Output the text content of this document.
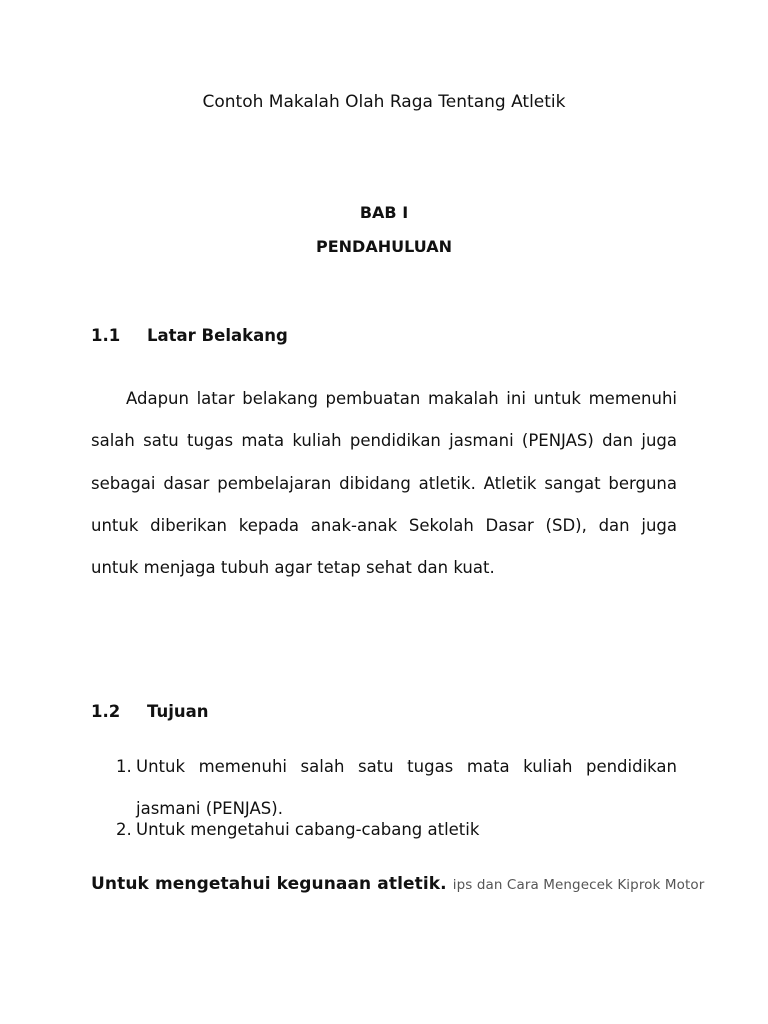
Contoh Makalah Olah Raga Tentang Atletik
BAB I
PENDAHULUAN
1.1 Latar Belakang
Adapun latar belakang pembuatan makalah ini untuk memenuhi salah satu tugas mata kuliah pendidikan jasmani (PENJAS) dan juga sebagai dasar pembelajaran dibidang atletik. Atletik sangat berguna untuk diberikan kepada anak-anak Sekolah Dasar (SD), dan juga untuk menjaga tubuh agar tetap sehat dan kuat.
1.2 Tujuan
1. Untuk memenuhi salah satu tugas mata kuliah pendidikan
jasmani (PENJAS).
2. Untuk mengetahui cabang-cabang atletik
Untuk mengetahui kegunaan atletik. ips dan Cara Mengecek Kiprok Motor
